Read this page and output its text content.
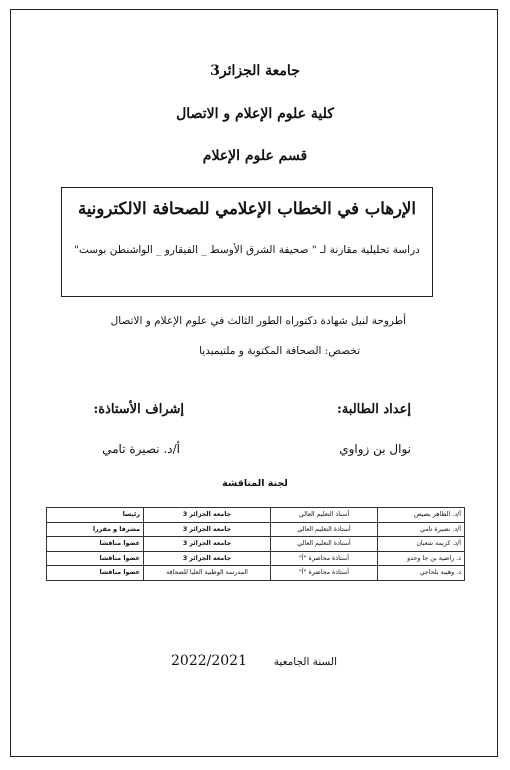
جامعة الجزائر3
كلية علوم الإعلام و الاتصال
قسم علوم الإعلام
الإرهاب في الخطاب الإعلامي للصحافة الالكترونية
دراسة تحليلية مقارنة لـ " صحيفة الشرق الأوسط _ الفيقارو _ الواشنطن بوست"
أطروحة لنيل شهادة دكتوراه الطور الثالث في علوم الإعلام و الاتصال
تخصص: الصحافة المكتوبة و ملتيميديا
إعداد الطالبة:
إشراف الأستاذة:
نوال بن زواوي
أ/د. نصيرة تامي
لجنة المناقشة
أ/د. الطاهر بصيص	أستاذ التعليم العالي	جامعة الجزائر 3	رئيسا
أ/د. نصيرة تامي	أستاذة التعليم العالي	جامعة الجزائر 3	مشرفا و مقررا
أ/د. كريمة شعبان	أستاذة التعليم العالي	جامعة الجزائر 3	عضوا مناقشا
د. راضية بن جا وحدو	أستاذة محاضرة "أ"	جامعة الجزائر 3	عضوا مناقشا
د. وهيبة بلحاجي	أستاذة محاضرة "أ"	المدرسة الوطنية العليا للصحافة	عضوا مناقشا
السنة الجامعية
2022/2021
